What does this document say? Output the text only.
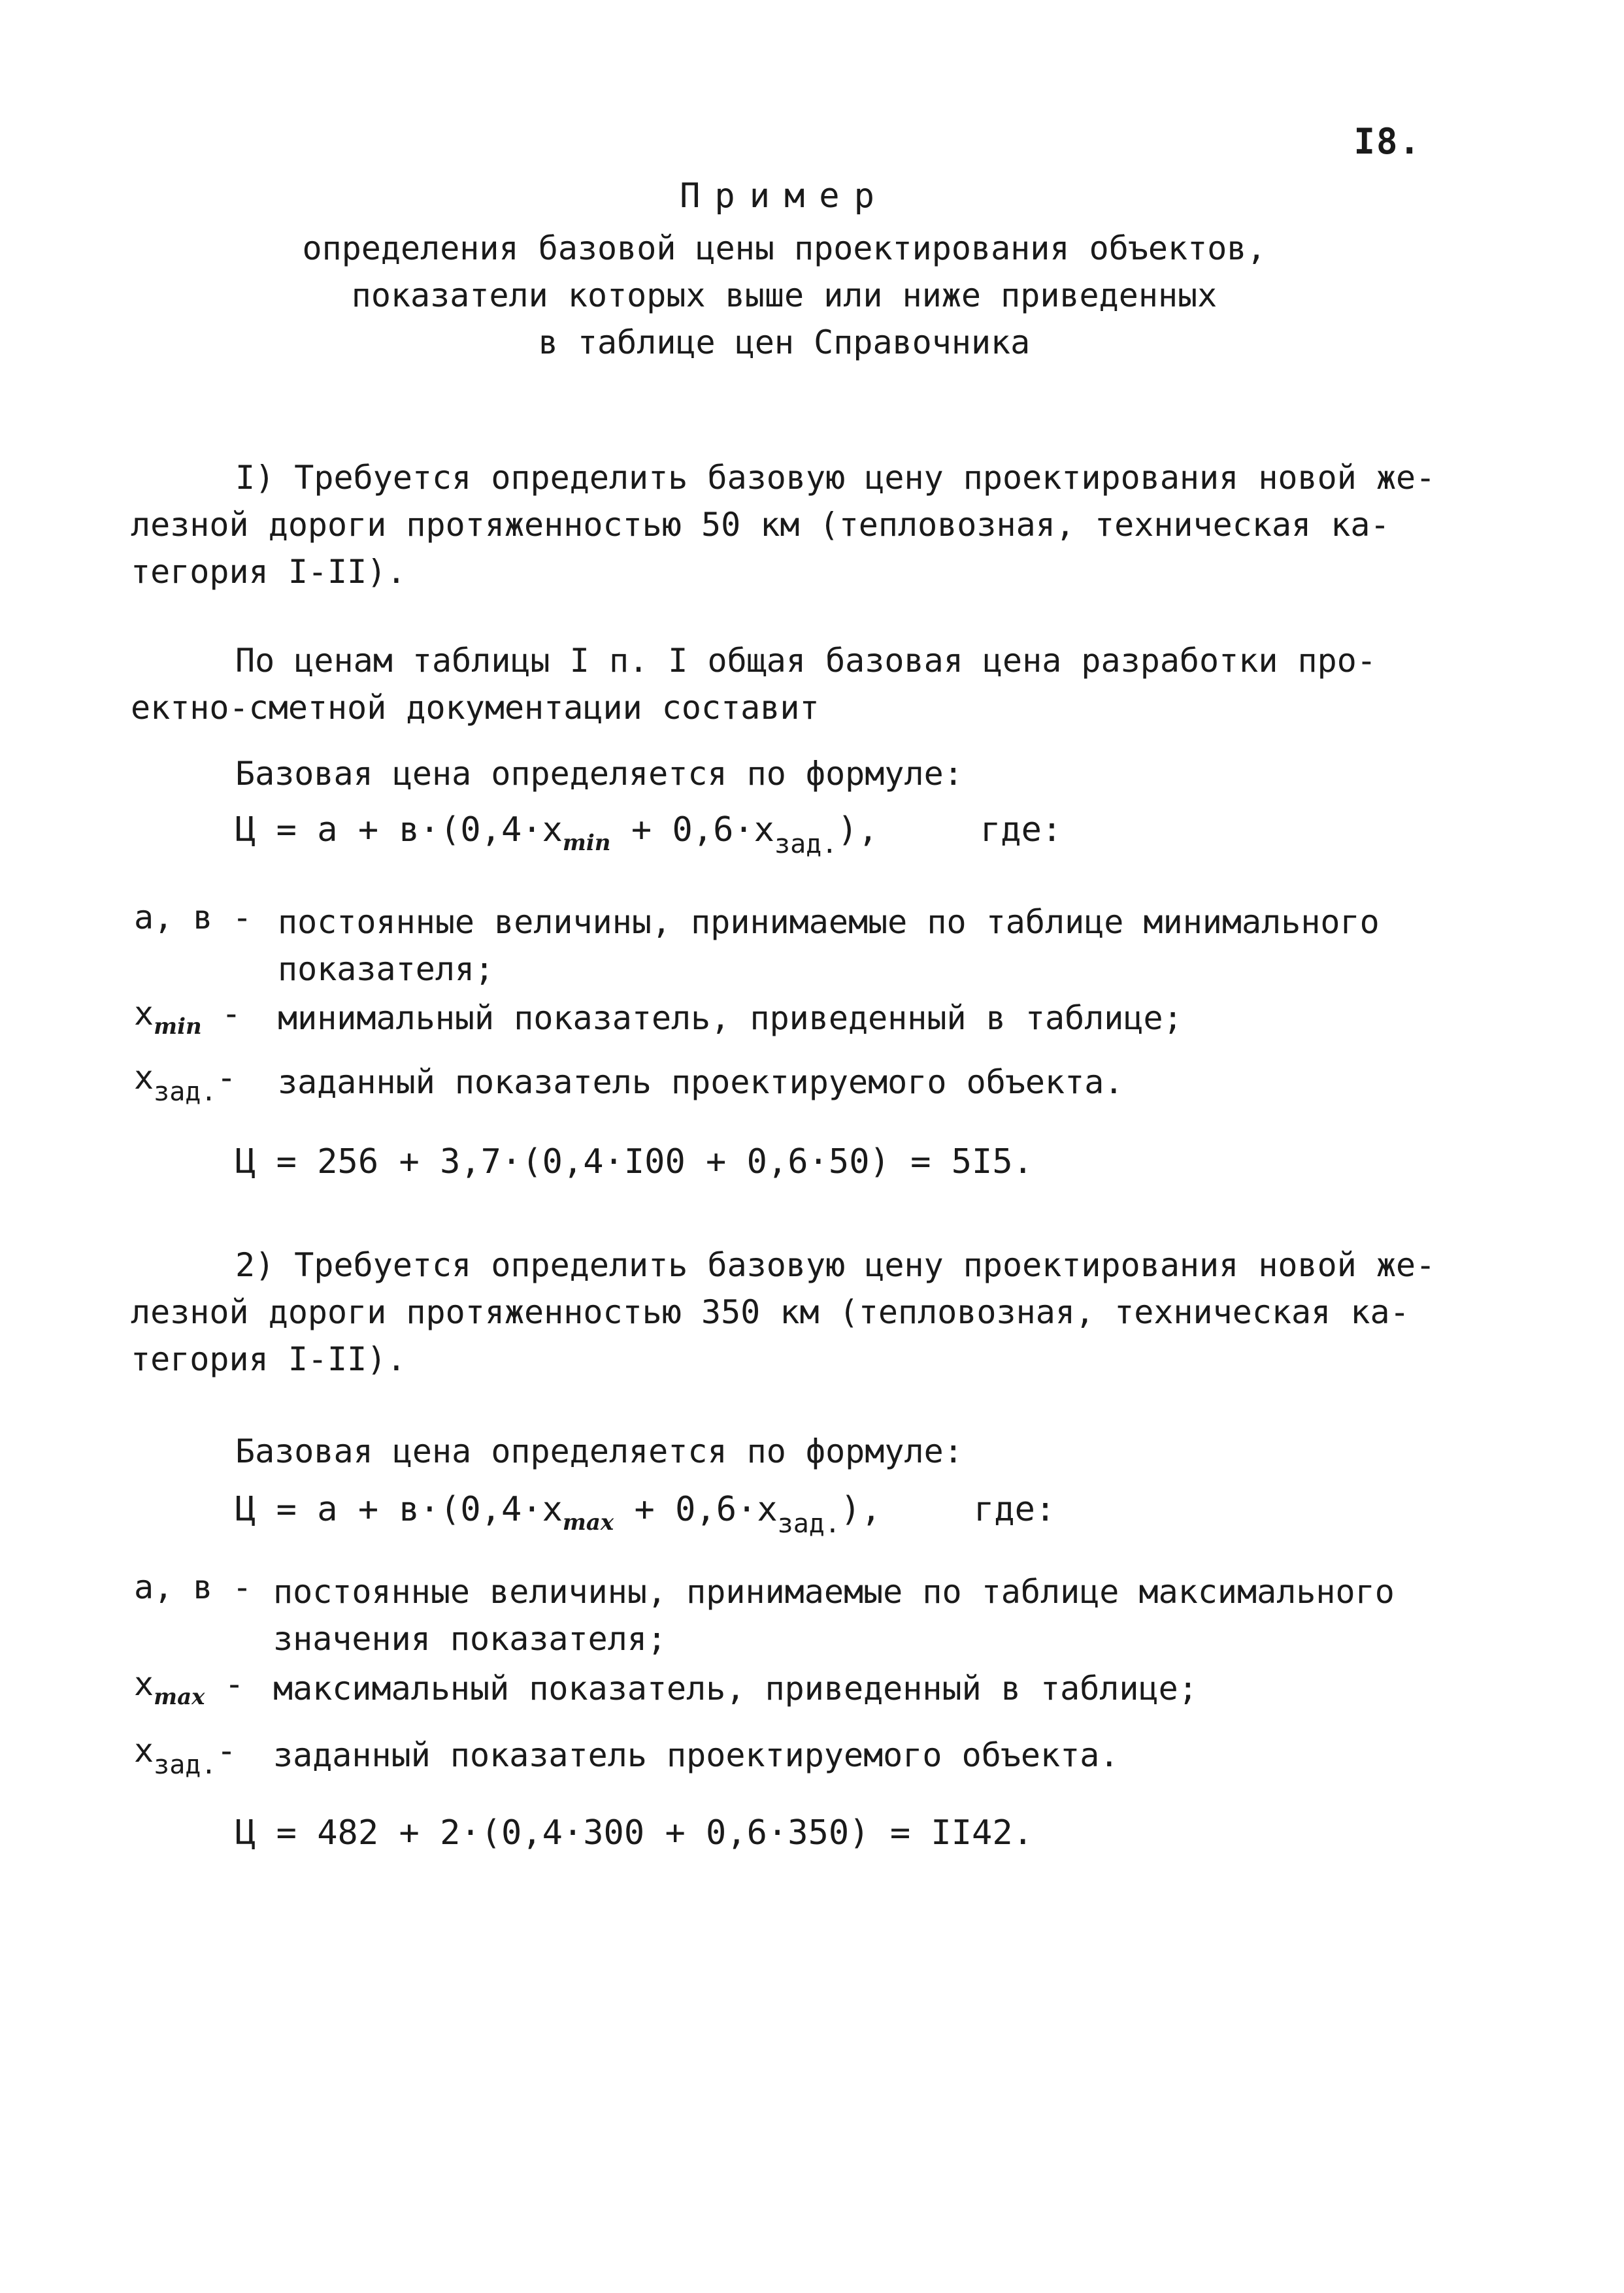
I8.
Пример
определения базовой цены проектирования объектов,
показатели которых выше или ниже приведенных
в таблице цен Справочника
I) Требуется определить базовую цену проектирования новой же-
лезной дороги протяженностью 50 км (тепловозная, техническая ка-
тегория I-II).
По ценам таблицы I п. I общая базовая цена разработки про-
ектно-сметной документации составит
Базовая цена определяется по формуле:
$Ц = а + в\cdot(0,4\cdot x_{min} + 0,6\cdot x_{зад.})$,	где:
а, в - постоянные величины, принимаемые по таблице минимального
показателя;
$x_{min}$ - минимальный показатель, приведенный в таблице;
$x_{зад.}-$ заданный показатель проектируемого объекта.
Ц = 256 + 3,7·(0,4·I00 + 0,6·50) = 5I5.
2) Требуется определить базовую цену проектирования новой же-
лезной дороги протяженностью 350 км (тепловозная, техническая ка-
тегория I-II).
Базовая цена определяется по формуле:
$Ц = а + в\cdot(0,4\cdot x_{max} + 0,6\cdot x_{зад.})$,	где:
а, в - постоянные величины, принимаемые по таблице максимального
значения показателя;
$x_{max}$ - максимальный показатель, приведенный в таблице;
$x_{зад.}-$ заданный показатель проектируемого объекта.
Ц = 482 + 2·(0,4·300 + 0,6·350) = II42.
